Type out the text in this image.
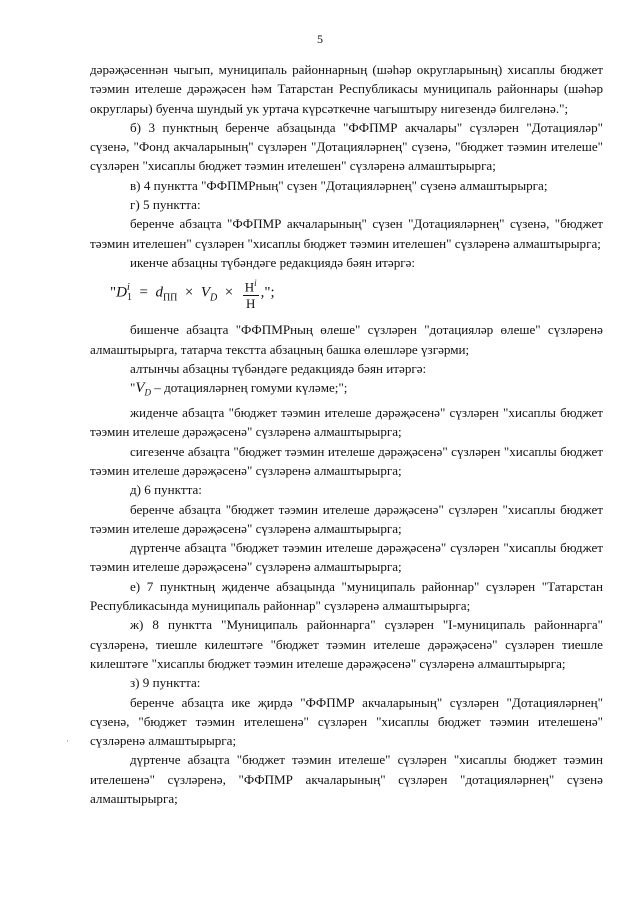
5

дәрәҗәсеннән чыгып, муниципаль районнарның (шәһәр округларының) хисаплы бюджет тәэмин ителеше дәрәҗәсен һәм Татарстан Республикасы муниципаль районнары (шәһәр округлары) буенча шундый ук уртача күрсәткечне чагыштыру нигезендә билгеләнә.";

б) 3 пунктның беренче абзацында "ФФПМР акчалары" сүзләрен "Дотацияләр" сүзенә, "Фонд акчаларының" сүзләрен "Дотацияләрнең" сүзенә, "бюджет тәэмин ителеше" сүзләрен "хисаплы бюджет тәэмин ителешен" сүзләренә алмаштырырга;

в) 4 пунктта "ФФПМРның" сүзен "Дотацияләрнең" сүзенә алмаштырырга;

г) 5 пунктта:

беренче абзацта "ФФПМР акчаларының" сүзен "Дотацияләрнең" сүзенә, "бюджет тәэмин ителешен" сүзләрен "хисаплы бюджет тәэмин ителешен" сүзләренә алмаштырырга;

икенче абзацны түбәндәге редакциядә бәян итәргә:

"D i
$1 = d_{ПП} \times V_D \times \frac{Н^i}{Н}$ ,";

бишенче абзацта "ФФПМРның өлеше" сүзләрен "дотацияләр өлеше" сүзләренә алмаштырырга, татарча текстта абзацның башка өлешләре үзгәрми;

алтынчы абзацны түбәндәге редакциядә бәян итәргә:

"$V_D$ – дотацияләрнең гомуми күләме;";

жиденче абзацта "бюджет тәэмин ителеше дәрәҗәсенә" сүзләрен "хисаплы бюджет тәэмин ителеше дәрәҗәсенә" сүзләренә алмаштырырга;

сигезенче абзацта "бюджет тәэмин ителеше дәрәҗәсенә" сүзләрен "хисаплы бюджет тәэмин ителеше дәрәҗәсенә" сүзләренә алмаштырырга;

д) 6 пунктта:

беренче абзацта "бюджет тәэмин ителеше дәрәҗәсенә" сүзләрен "хисаплы бюджет тәэмин ителеше дәрәҗәсенә" сүзләренә алмаштырырга;

дүртенче абзацта "бюджет тәэмин ителеше дәрәҗәсенә" сүзләрен "хисаплы бюджет тәэмин ителеше дәрәҗәсенә" сүзләренә алмаштырырга;

е) 7 пунктның җиденче абзацында "муниципаль районнар" сүзләрен "Татарстан Республикасында муниципаль районнар" сүзләренә алмаштырырга;

ж) 8 пунктта "Муниципаль районнарга" сүзләрен "I-муниципаль районнарга" сүзләренә, тиешле килештәге "бюджет тәэмин ителеше дәрәҗәсенә" сүзләрен тиешле килештәге "хисаплы бюджет тәэмин ителеше дәрәҗәсенә" сүзләренә алмаштырырга;

з) 9 пунктта:

беренче абзацта ике җирдә "ФФПМР акчаларының" сүзләрен "Дотацияләрнең" сүзенә, "бюджет тәэмин ителешенә" сүзләрен "хисаплы бюджет тәэмин ителешенә" сүзләренә алмаштырырга;

дүртенче абзацта "бюджет тәэмин ителеше" сүзләрен "хисаплы бюджет тәэмин ителешенә" сүзләренә, "ФФПМР акчаларының" сүзләрен "дотацияләрнең" сүзенә алмаштырырга;

·
